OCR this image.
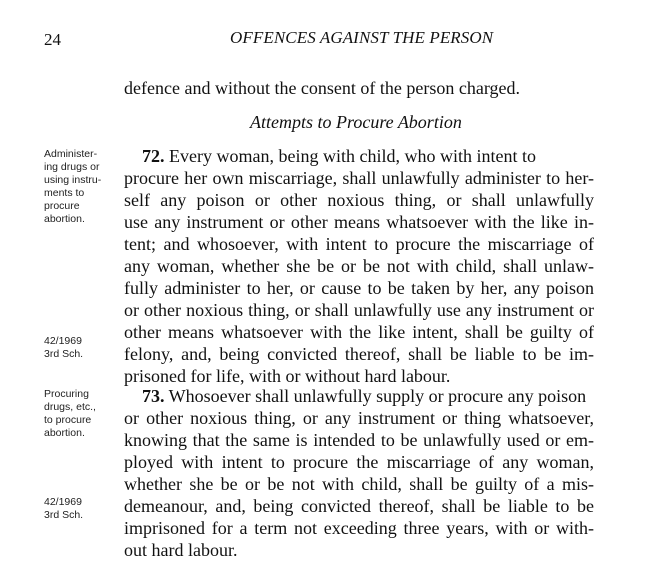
24	OFFENCES AGAINST THE PERSON
defence and without the consent of the person charged.
Attempts to Procure Abortion
72. Every woman, being with child, who with intent to
procure her own miscarriage, shall unlawfully administer to her-
self any poison or other noxious thing, or shall unlawfully
use any instrument or other means whatsoever with the like in-
tent; and whosoever, with intent to procure the miscarriage of
any woman, whether she be or be not with child, shall unlaw-
fully administer to her, or cause to be taken by her, any poison
or other noxious thing, or shall unlawfully use any instrument or
other means whatsoever with the like intent, shall be guilty of
felony, and, being convicted thereof, shall be liable to be im-
prisoned for life, with or without hard labour.
Administer-
ing drugs or
using instru-
ments to
procure
abortion.
42/1969
3rd Sch.
73. Whosoever shall unlawfully supply or procure any poison
or other noxious thing, or any instrument or thing whatsoever,
knowing that the same is intended to be unlawfully used or em-
ployed with intent to procure the miscarriage of any woman,
whether she be or be not with child, shall be guilty of a mis-
demeanour, and, being convicted thereof, shall be liable to be
imprisoned for a term not exceeding three years, with or with-
out hard labour.
Procuring
drugs, etc.,
to procure
abortion.
42/1969
3rd Sch.
